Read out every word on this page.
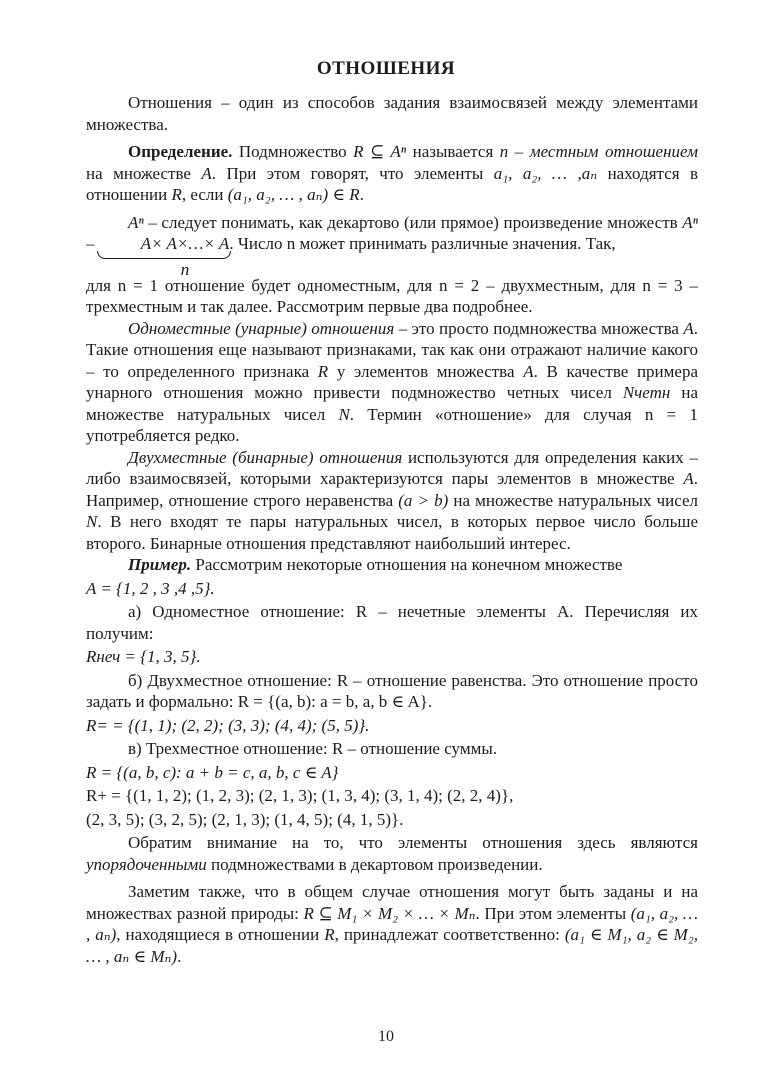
ОТНОШЕНИЯ

Отношения – один из способов задания взаимосвязей между элементами множества.

Определение. Подмножество R ⊆ Aⁿ называется n – местным отношением на множестве A. При этом говорят, что элементы a₁, a₂, … ,aₙ находятся в отношении R, если (a₁, a₂, … , aₙ) ∈ R.

Aⁿ – следует понимать, как декартово (или прямое) произведение множеств Aⁿ – A× A×…× A
n
. Число n может принимать различные значения. Так,

для n = 1 отношение будет одноместным, для n = 2 – двухместным, для n = 3 – трехместным и так далее. Рассмотрим первые два подробнее.

Одноместные (унарные) отношения – это просто подмножества множества A. Такие отношения еще называют признаками, так как они отражают наличие какого – то определенного признака R у элементов множества A. В качестве примера унарного отношения можно привести подмножество четных чисел Nчетн на множестве натуральных чисел N. Термин «отношение» для случая n = 1 употребляется редко.

Двухместные (бинарные) отношения используются для определения каких – либо взаимосвязей, которыми характеризуются пары элементов в множестве A. Например, отношение строго неравенства (a > b) на множестве натуральных чисел N. В него входят те пары натуральных чисел, в которых первое число больше второго. Бинарные отношения представляют наибольший интерес.

Пример. Рассмотрим некоторые отношения на конечном множестве

A = {1, 2 , 3 ,4 ,5}.

а) Одноместное отношение: R – нечетные элементы A. Перечисляя их получим:

Rнеч = {1, 3, 5}.

б) Двухместное отношение: R – отношение равенства. Это отношение просто задать и формально: R = {(a, b): a = b, a, b ∈ A}.

R= = {(1, 1); (2, 2); (3, 3); (4, 4); (5, 5)}.

в) Трехместное отношение: R – отношение суммы.

R = {(a, b, c): a + b = c, a, b, c ∈ A}

R+ = {(1, 1, 2); (1, 2, 3); (2, 1, 3); (1, 3, 4); (3, 1, 4); (2, 2, 4)},

(2, 3, 5); (3, 2, 5); (2, 1, 3); (1, 4, 5); (4, 1, 5)}.

Обратим внимание на то, что элементы отношения здесь являются упорядоченными подмножествами в декартовом произведении.

Заметим также, что в общем случае отношения могут быть заданы и на множествах разной природы: R ⊆ M₁ × M₂ × … × Mₙ. При этом элементы (a₁, a₂, … , aₙ), находящиеся в отношении R, принадлежат соответственно: (a₁ ∈ M₁, a₂ ∈ M₂, … , aₙ ∈ Mₙ).

10
